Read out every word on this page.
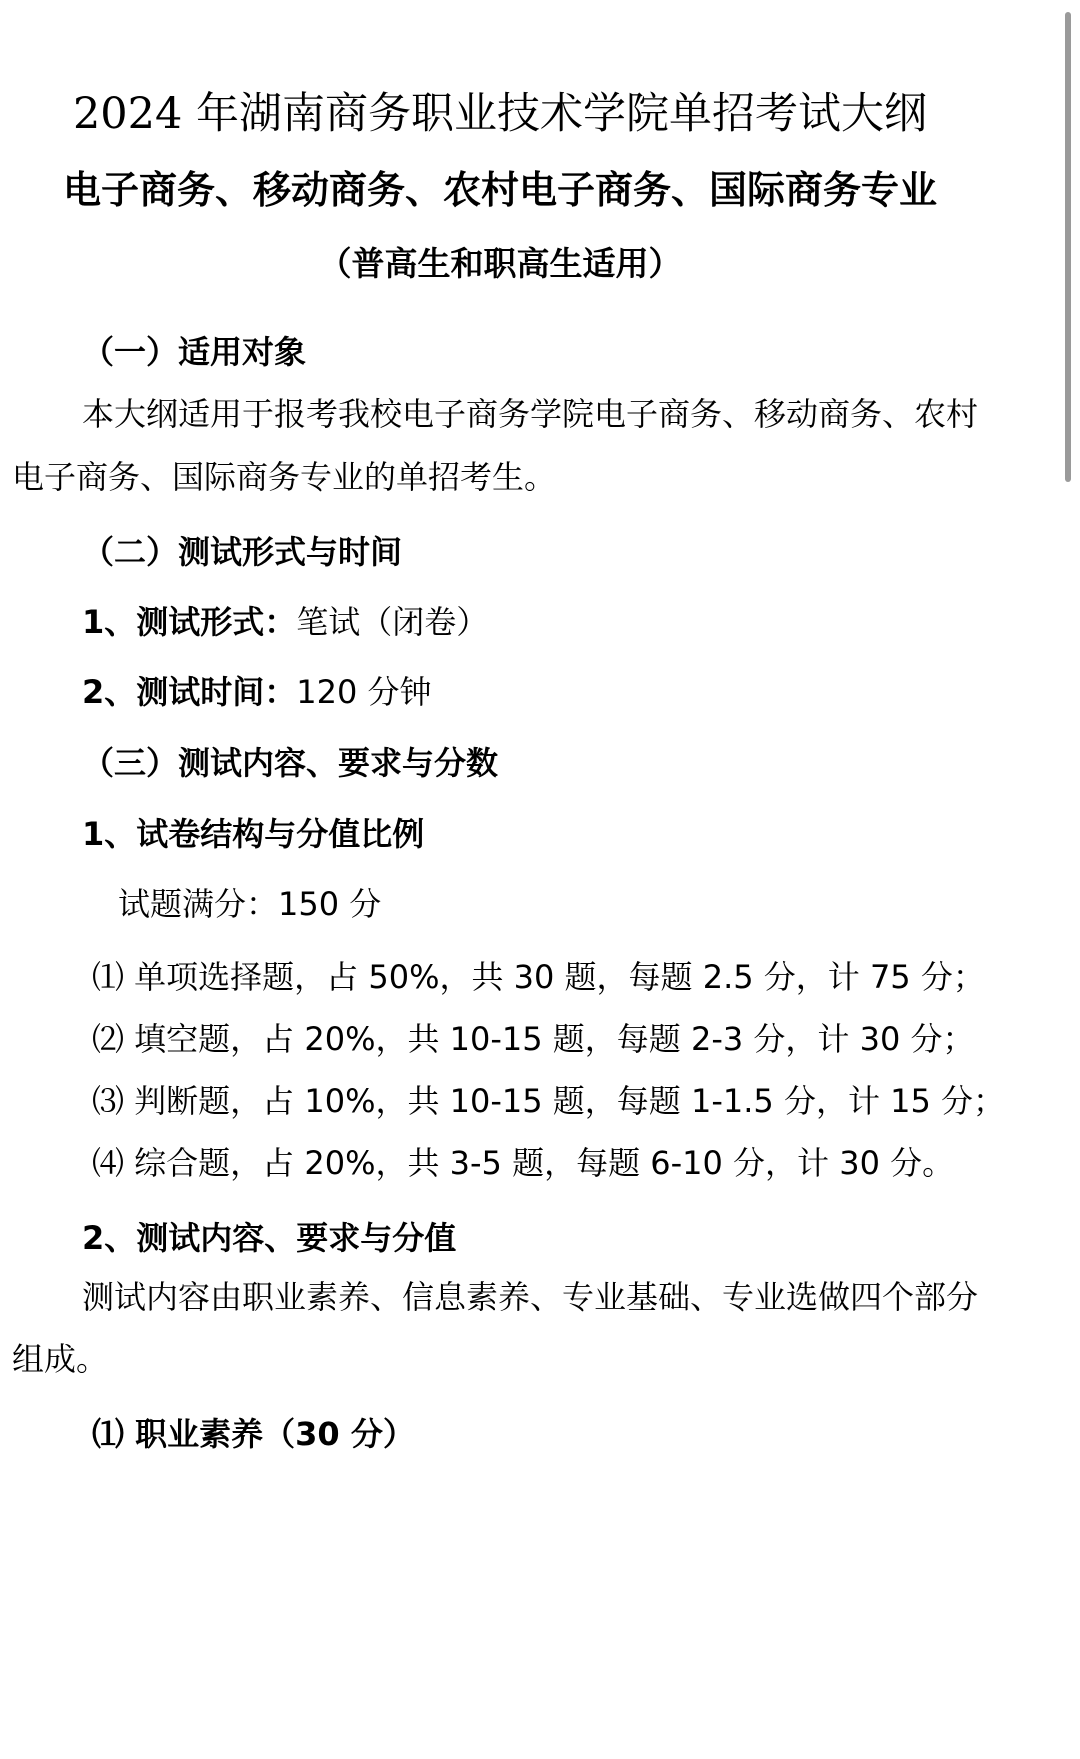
2024 年湖南商务职业技术学院单招考试大纲
电子商务、移动商务、农村电子商务、国际商务专业
（普高生和职高生适用）
（一）适用对象
本大纲适用于报考我校电子商务学院电子商务、移动商务、农村
电子商务、国际商务专业的单招考生。
（二）测试形式与时间
1、测试形式：笔试（闭卷）
2、测试时间：120 分钟
（三）测试内容、要求与分数
1、试卷结构与分值比例
试题满分：150 分
⑴ 单项选择题，占 50%，共 30 题，每题 2.5 分，计 75 分；
⑵ 填空题，占 20%，共 10-15 题，每题 2-3 分，计 30 分；
⑶ 判断题，占 10%，共 10-15 题，每题 1-1.5 分，计 15 分；
⑷ 综合题，占 20%，共 3-5 题，每题 6-10 分，计 30 分。
2、测试内容、要求与分值
测试内容由职业素养、信息素养、专业基础、专业选做四个部分
组成。
⑴ 职业素养（30 分）
